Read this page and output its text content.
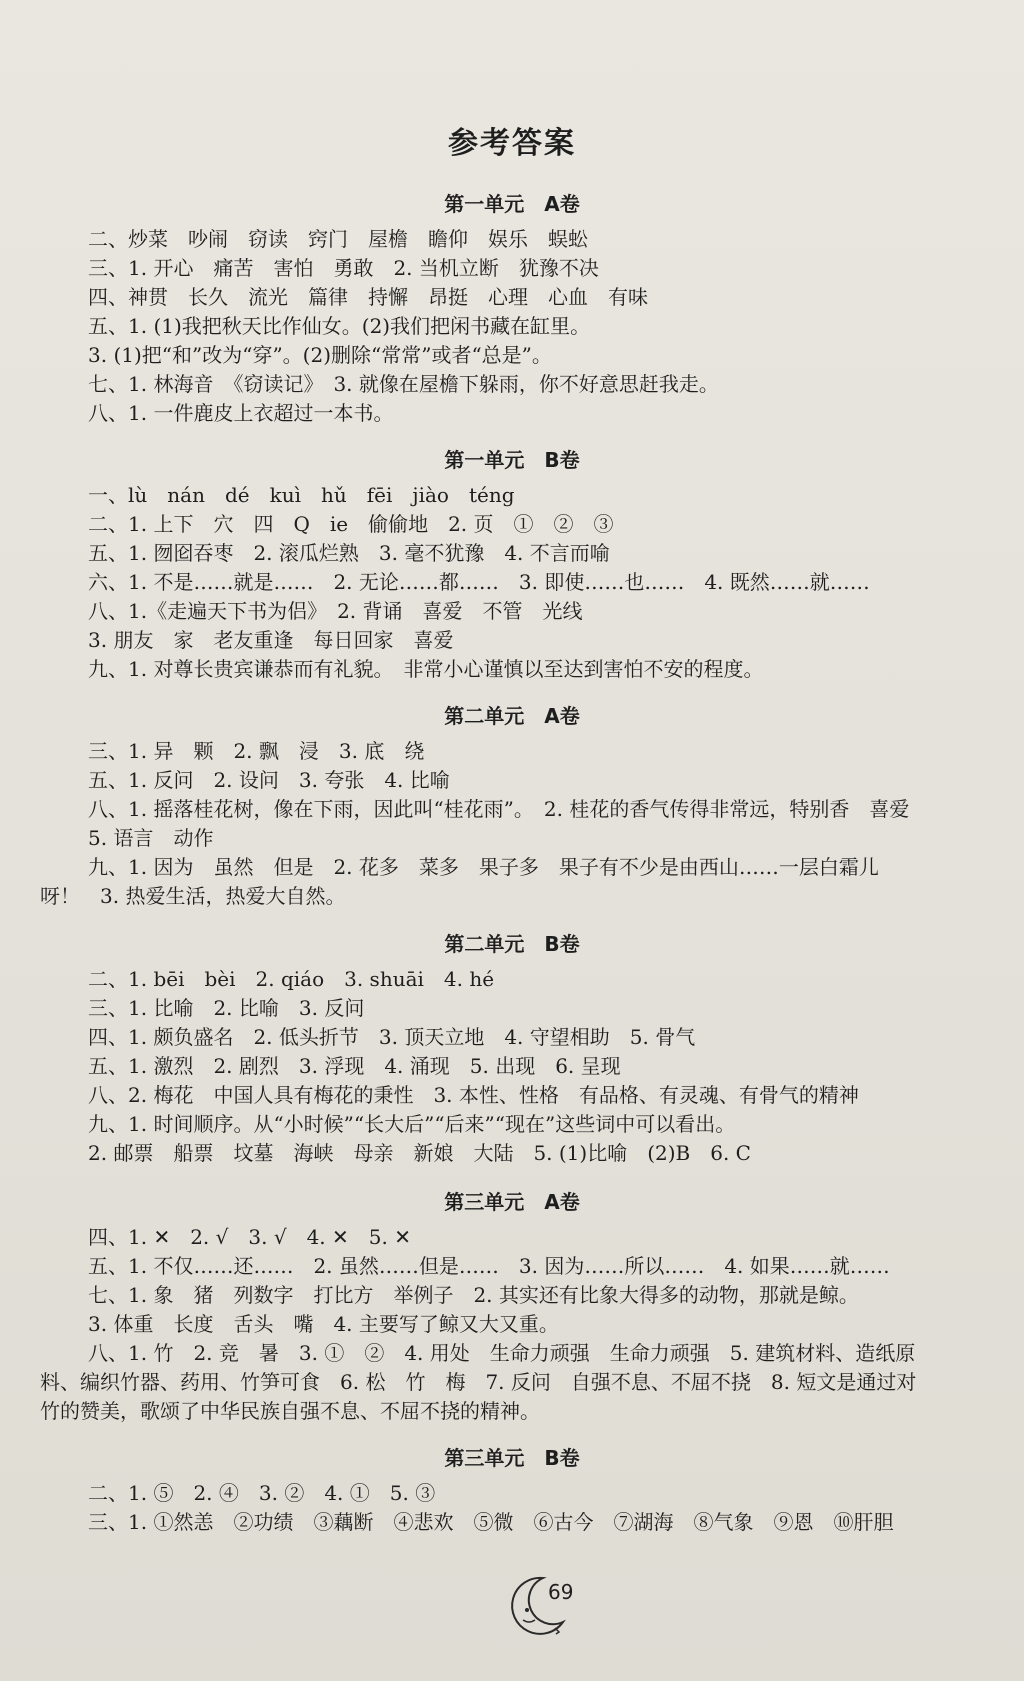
参考答案
第一单元　A卷
二、炒菜　吵闹　窃读　窍门　屋檐　瞻仰　娱乐　蜈蚣
三、1. 开心　痛苦　害怕　勇敢　2. 当机立断　犹豫不决
四、神贯　长久　流光　篇律　持懈　昂挺　心理　心血　有味
五、1. (1)我把秋天比作仙女。(2)我们把闲书藏在缸里。
3. (1)把“和”改为“穿”。(2)删除“常常”或者“总是”。
七、1. 林海音　《窃读记》　3. 就像在屋檐下躲雨，你不好意思赶我走。
八、1. 一件鹿皮上衣超过一本书。
第一单元　B卷
一、lù　nán　dé　kuì　hǔ　fēi　jiào　téng
二、1. 上下　穴　四　Q　ie　偷偷地　2. 页　①　②　③
五、1. 囫囵吞枣　2. 滚瓜烂熟　3. 毫不犹豫　4. 不言而喻
六、1. 不是……就是……　2. 无论……都……　3. 即使……也……　4. 既然……就……
八、1.《走遍天下书为侣》　2. 背诵　喜爱　不管　光线
3. 朋友　家　老友重逢　每日回家　喜爱
九、1. 对尊长贵宾谦恭而有礼貌。　非常小心谨慎以至达到害怕不安的程度。
第二单元　A卷
三、1. 异　颗　2. 飘　浸　3. 底　绕
五、1. 反问　2. 设问　3. 夸张　4. 比喻
八、1. 摇落桂花树，像在下雨，因此叫“桂花雨”。　2. 桂花的香气传得非常远，特别香　喜爱
5. 语言　动作
九、1. 因为　虽然　但是　2. 花多　菜多　果子多　果子有不少是由西山……一层白霜儿
呀！　3. 热爱生活，热爱大自然。
第二单元　B卷
二、1. bēi　bèi　2. qiáo　3. shuāi　4. hé
三、1. 比喻　2. 比喻　3. 反问
四、1. 颇负盛名　2. 低头折节　3. 顶天立地　4. 守望相助　5. 骨气
五、1. 激烈　2. 剧烈　3. 浮现　4. 涌现　5. 出现　6. 呈现
八、2. 梅花　中国人具有梅花的秉性　3. 本性、性格　有品格、有灵魂、有骨气的精神
九、1. 时间顺序。从“小时候”“长大后”“后来”“现在”这些词中可以看出。
2. 邮票　船票　坟墓　海峡　母亲　新娘　大陆　5. (1)比喻　(2)B　6. C
第三单元　A卷
四、1. ✕　2. √　3. √　4. ✕　5. ✕
五、1. 不仅……还……　2. 虽然……但是……　3. 因为……所以……　4. 如果……就……
七、1. 象　猪　列数字　打比方　举例子　2. 其实还有比象大得多的动物，那就是鲸。
3. 体重　长度　舌头　嘴　4. 主要写了鲸又大又重。
八、1. 竹　2. 竞　暑　3. ①　②　4. 用处　生命力顽强　生命力顽强　5. 建筑材料、造纸原
料、编织竹器、药用、竹笋可食　6. 松　竹　梅　7. 反问　自强不息、不屈不挠　8. 短文是通过对
竹的赞美，歌颂了中华民族自强不息、不屈不挠的精神。
第三单元　B卷
二、1. ⑤　2. ④　3. ②　4. ①　5. ③
三、1. ①然恙　②功绩　③藕断　④悲欢　⑤微　⑥古今　⑦湖海　⑧气象　⑨恩　⑩肝胆
69
